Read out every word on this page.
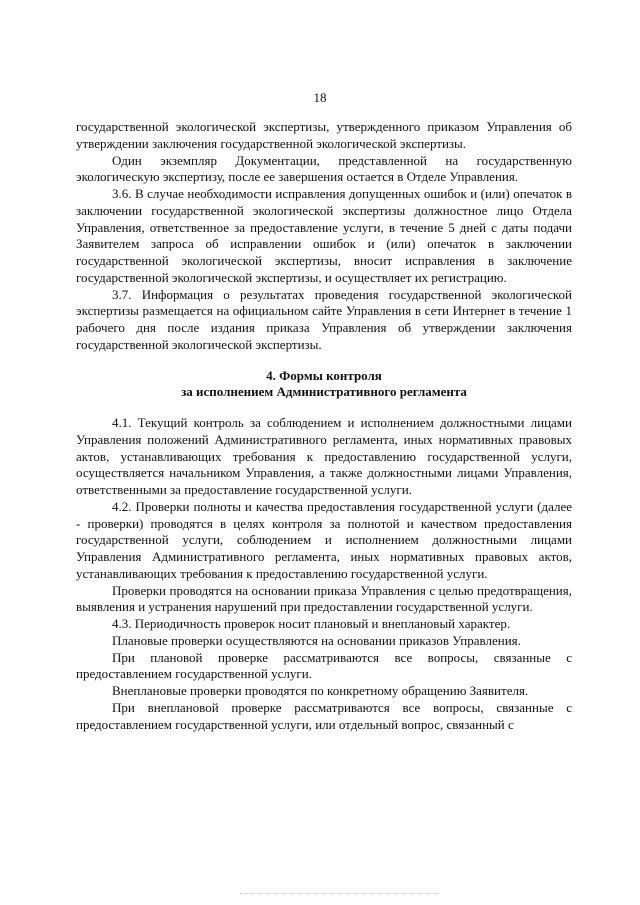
18

государственной экологической экспертизы, утвержденного приказом Управления об утверждении заключения государственной экологической экспертизы.

Один экземпляр Документации, представленной на государственную экологическую экспертизу, после ее завершения остается в Отделе Управления.

3.6. В случае необходимости исправления допущенных ошибок и (или) опечаток в заключении государственной экологической экспертизы должностное лицо Отдела Управления, ответственное за предоставление услуги, в течение 5 дней с даты подачи Заявителем запроса об исправлении ошибок и (или) опечаток в заключении государственной экологической экспертизы, вносит исправления в заключение государственной экологической экспертизы, и осуществляет их регистрацию.

3.7. Информация о результатах проведения государственной экологической экспертизы размещается на официальном сайте Управления в сети Интернет в течение 1 рабочего дня после издания приказа Управления об утверждении заключения государственной экологической экспертизы.

4. Формы контроля
за исполнением Административного регламента

4.1. Текущий контроль за соблюдением и исполнением должностными лицами Управления положений Административного регламента, иных нормативных правовых актов, устанавливающих требования к предоставлению государственной услуги, осуществляется начальником Управления, а также должностными лицами Управления, ответственными за предоставление государственной услуги.

4.2. Проверки полноты и качества предоставления государственной услуги (далее - проверки) проводятся в целях контроля за полнотой и качеством предоставления государственной услуги, соблюдением и исполнением должностными лицами Управления Административного регламента, иных нормативных правовых актов, устанавливающих требования к предоставлению государственной услуги.

Проверки проводятся на основании приказа Управления с целью предотвращения, выявления и устранения нарушений при предоставлении государственной услуги.

4.3. Периодичность проверок носит плановый и внеплановый характер.

Плановые проверки осуществляются на основании приказов Управления.

При плановой проверке рассматриваются все вопросы, связанные с предоставлением государственной услуги.

Внеплановые проверки проводятся по конкретному обращению Заявителя.

При внеплановой проверке рассматриваются все вопросы, связанные с предоставлением государственной услуги, или отдельный вопрос, связанный с
